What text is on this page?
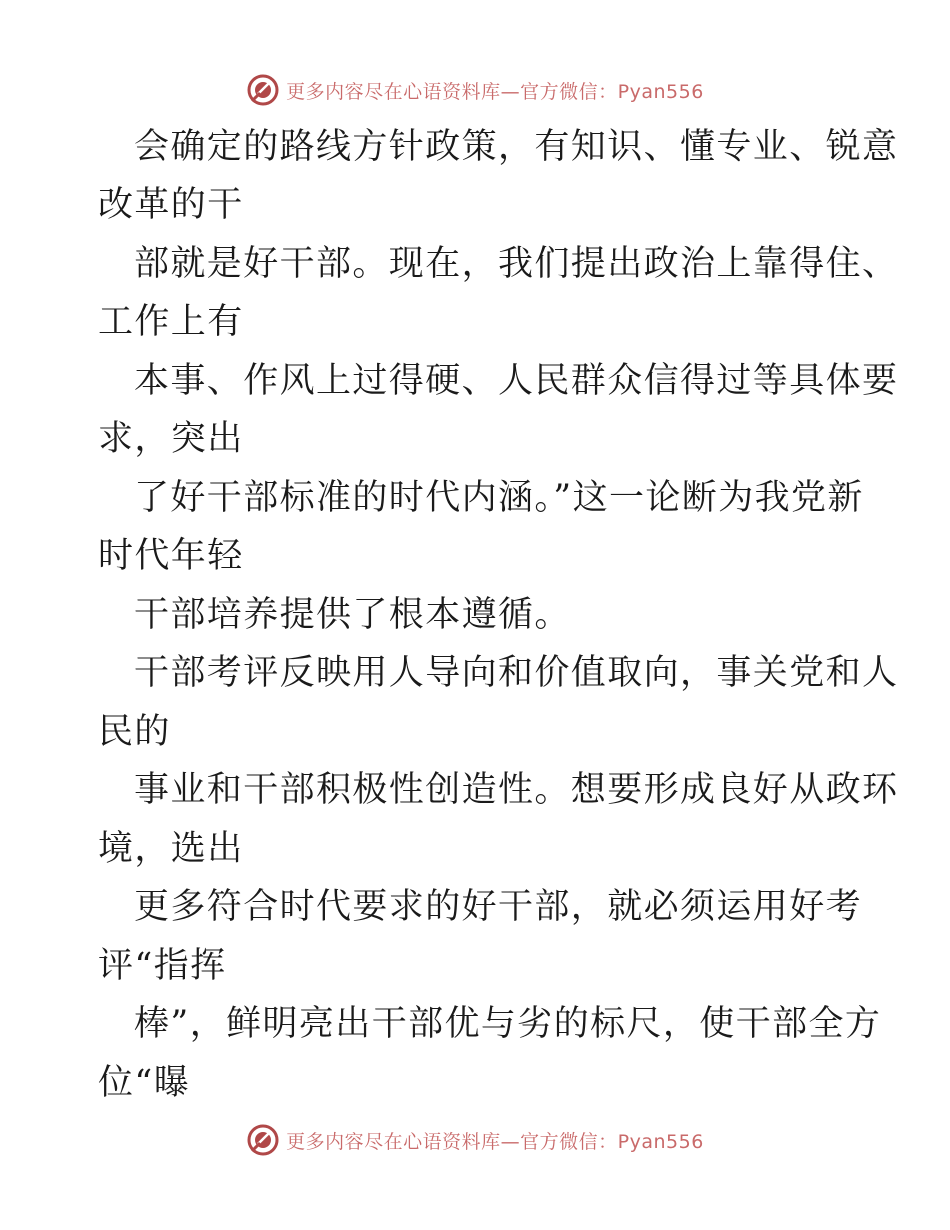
更多内容尽在心语资料库—官方微信：Pyan556
会确定的路线方针政策，有知识、懂专业、锐意
改革的干
部就是好干部。现在，我们提出政治上靠得住、
工作上有
本事、作风上过得硬、人民群众信得过等具体要
求，突出
了好干部标准的时代内涵。”这一论断为我党新
时代年轻
干部培养提供了根本遵循。
干部考评反映用人导向和价值取向，事关党和人
民的
事业和干部积极性创造性。想要形成良好从政环
境，选出
更多符合时代要求的好干部，就必须运用好考
评“指挥
棒”，鲜明亮出干部优与劣的标尺，使干部全方
位“曝
更多内容尽在心语资料库—官方微信：Pyan556
